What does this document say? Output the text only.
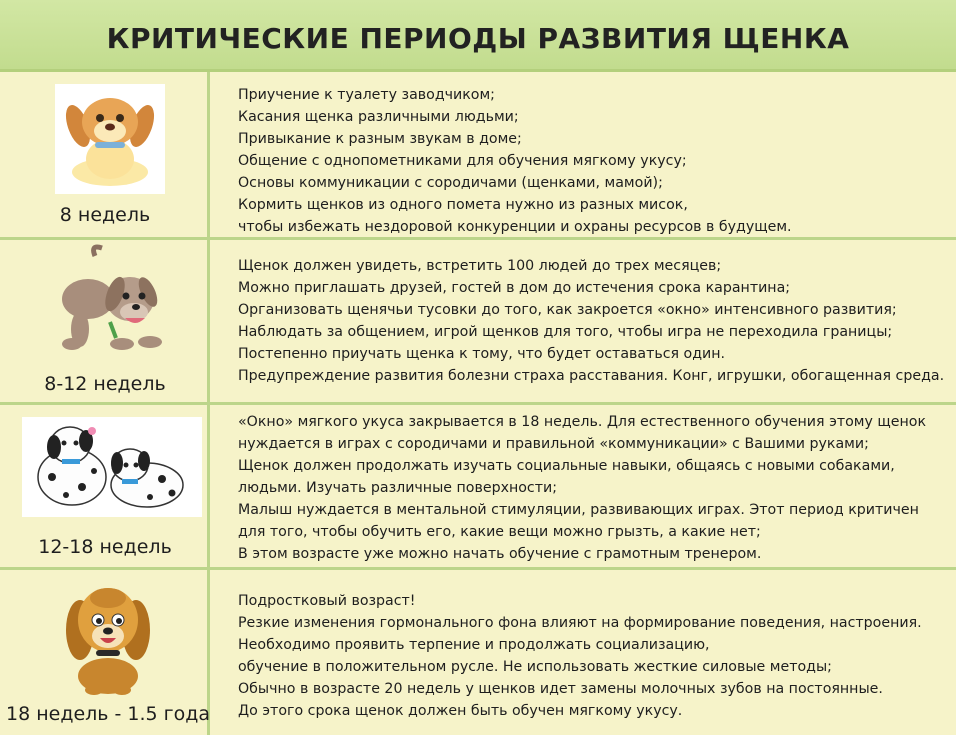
КРИТИЧЕСКИЕ ПЕРИОДЫ РАЗВИТИЯ ЩЕНКА
8 недель
Приучение к туалету заводчиком;
Касания щенка различными людьми;
Привыкание к разным звукам в доме;
Общение с однопометниками для обучения мягкому укусу;
Основы коммуникации с сородичами (щенками, мамой);
Кормить щенков из одного помета нужно из разных мисок,
чтобы избежать нездоровой конкуренции и охраны ресурсов в будущем.
8-12 недель
Щенок должен увидеть, встретить 100 людей до трех месяцев;
Можно приглашать друзей, гостей в дом до истечения срока карантина;
Организовать щенячьи тусовки до того, как закроется «окно» интенсивного развития;
Наблюдать за общением, игрой щенков для того, чтобы игра не переходила границы;
Постепенно приучать щенка к тому, что будет оставаться один.
Предупреждение развития болезни страха расставания. Конг, игрушки, обогащенная среда.
12-18 недель
«Окно» мягкого укуса закрывается в 18 недель. Для естественного обучения этому щенок
нуждается в играх с сородичами и правильной «коммуникации» с Вашими руками;
Щенок должен продолжать изучать социальные навыки, общаясь с новыми собаками,
людьми. Изучать различные поверхности;
Малыш нуждается в ментальной стимуляции, развивающих играх. Этот период критичен
для того, чтобы обучить его, какие вещи можно грызть, а какие нет;
В этом возрасте уже можно начать обучение с грамотным тренером.
18 недель - 1.5 года
Подростковый возраст!
Резкие изменения гормонального фона влияют на формирование поведения, настроения.
Необходимо проявить терпение и продолжать социализацию,
обучение в положительном русле. Не использовать жесткие силовые методы;
Обычно в возрасте 20 недель у щенков идет замены молочных зубов на постоянные.
До этого срока щенок должен быть обучен мягкому укусу.
